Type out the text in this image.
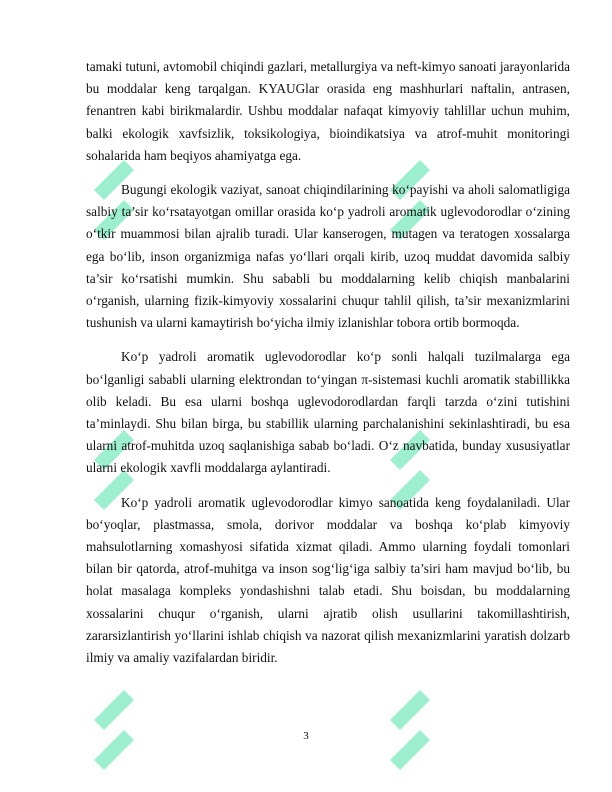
tamaki tutuni, avtomobil chiqindi gazlari, metallurgiya va neft-kimyo sanoati jarayonlarida bu moddalar keng tarqalgan. KYAUGlar orasida eng mashhurlari naftalin, antrasen, fenantren kabi birikmalardir. Ushbu moddalar nafaqat kimyoviy tahlillar uchun muhim, balki ekologik xavfsizlik, toksikologiya, bioindikatsiya va atrof-muhit monitoringi sohalarida ham beqiyos ahamiyatga ega.

Bugungi ekologik vaziyat, sanoat chiqindilarining ko‘payishi va aholi salomatligiga salbiy ta’sir ko‘rsatayotgan omillar orasida ko‘p yadroli aromatik uglevodorodlar o‘zining o‘tkir muammosi bilan ajralib turadi. Ular kanserogen, mutagen va teratogen xossalarga ega bo‘lib, inson organizmiga nafas yo‘llari orqali kirib, uzoq muddat davomida salbiy ta’sir ko‘rsatishi mumkin. Shu sababli bu moddalarning kelib chiqish manbalarini o‘rganish, ularning fizik-kimyoviy xossalarini chuqur tahlil qilish, ta’sir mexanizmlarini tushunish va ularni kamaytirish bo‘yicha ilmiy izlanishlar tobora ortib bormoqda.

Ko‘p yadroli aromatik uglevodorodlar ko‘p sonli halqali tuzilmalarga ega bo‘lganligi sababli ularning elektrondan to‘yingan π-sistemasi kuchli aromatik stabillikka olib keladi. Bu esa ularni boshqa uglevodorodlardan farqli tarzda o‘zini tutishini ta’minlaydi. Shu bilan birga, bu stabillik ularning parchalanishini sekinlashtiradi, bu esa ularni atrof-muhitda uzoq saqlanishiga sabab bo‘ladi. O‘z navbatida, bunday xususiyatlar ularni ekologik xavfli moddalarga aylantiradi.

Ko‘p yadroli aromatik uglevodorodlar kimyo sanoatida keng foydalaniladi. Ular bo‘yoqlar, plastmassa, smola, dorivor moddalar va boshqa ko‘plab kimyoviy mahsulotlarning xomashyosi sifatida xizmat qiladi. Ammo ularning foydali tomonlari bilan bir qatorda, atrof-muhitga va inson sog‘lig‘iga salbiy ta’siri ham mavjud bo‘lib, bu holat masalaga kompleks yondashishni talab etadi. Shu boisdan, bu moddalarning xossalarini chuqur o‘rganish, ularni ajratib olish usullarini takomillashtirish, zararsizlantirish yo‘llarini ishlab chiqish va nazorat qilish mexanizmlarini yaratish dolzarb ilmiy va amaliy vazifalardan biridir.

3
